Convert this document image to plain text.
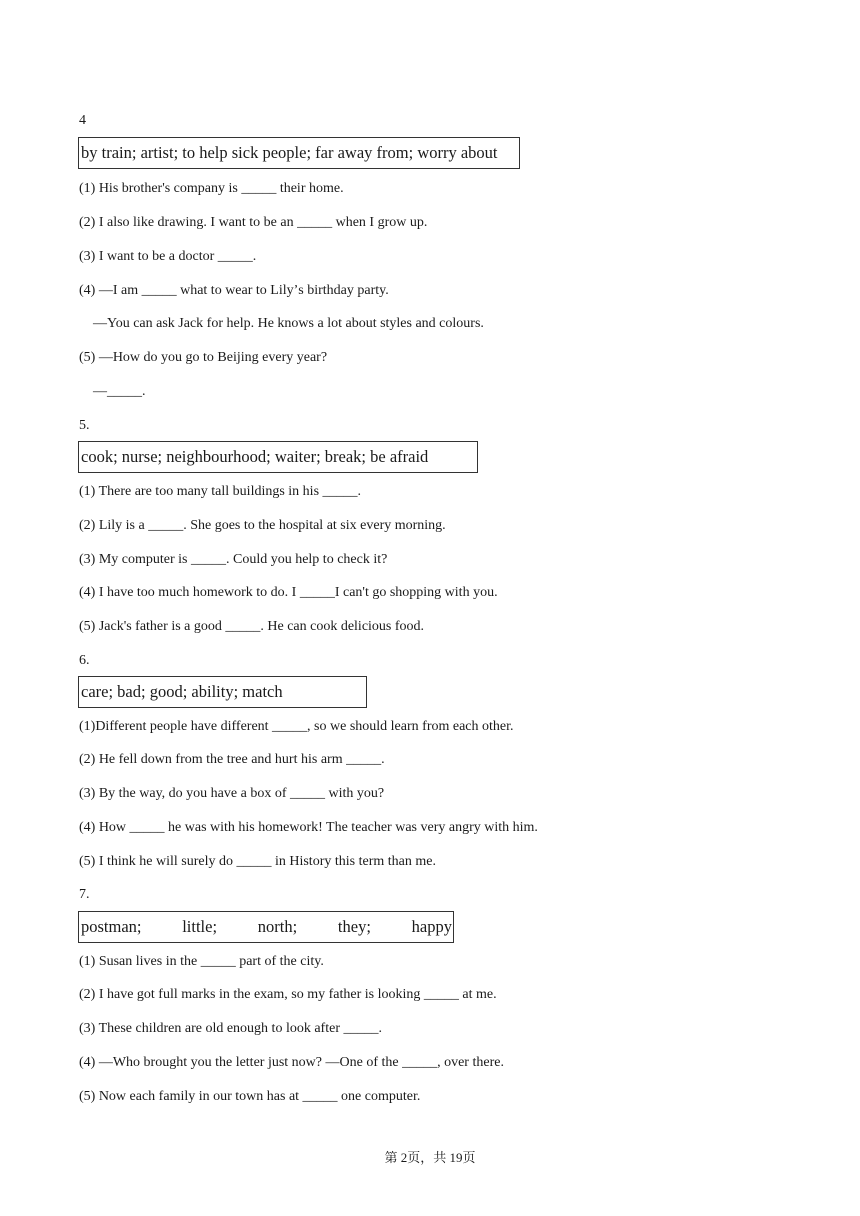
4
by train; artist; to help sick people; far away from; worry about
(1) His brother's company is _____ their home.
(2) I also like drawing. I want to be an _____ when I grow up.
(3) I want to be a doctor _____.
(4) —I am _____ what to wear to Lilyʼs birthday party.
—You can ask Jack for help. He knows a lot about styles and colours.
(5) —How do you go to Beijing every year?
—_____.
5.
cook; nurse; neighbourhood; waiter; break; be afraid
(1) There are too many tall buildings in his _____.
(2) Lily is a _____. She goes to the hospital at six every morning.
(3) My computer is _____. Could you help to check it?
(4) I have too much homework to do. I _____I can't go shopping with you.
(5) Jack's father is a good _____. He can cook delicious food.
6.
care; bad; good; ability; match
(1)Different people have different _____, so we should learn from each other.
(2) He fell down from the tree and hurt his arm _____.
(3) By the way, do you have a box of _____ with you?
(4) How _____ he was with his homework! The teacher was very angry with him.
(5) I think he will surely do _____ in History this term than me.
7.
postman; little; north; they; happy
(1) Susan lives in the _____ part of the city.
(2) I have got full marks in the exam, so my father is looking _____ at me.
(3) These children are old enough to look after _____.
(4) —Who brought you the letter just now? —One of the _____, over there.
(5) Now each family in our town has at _____ one computer.
第 2页，共 19页
